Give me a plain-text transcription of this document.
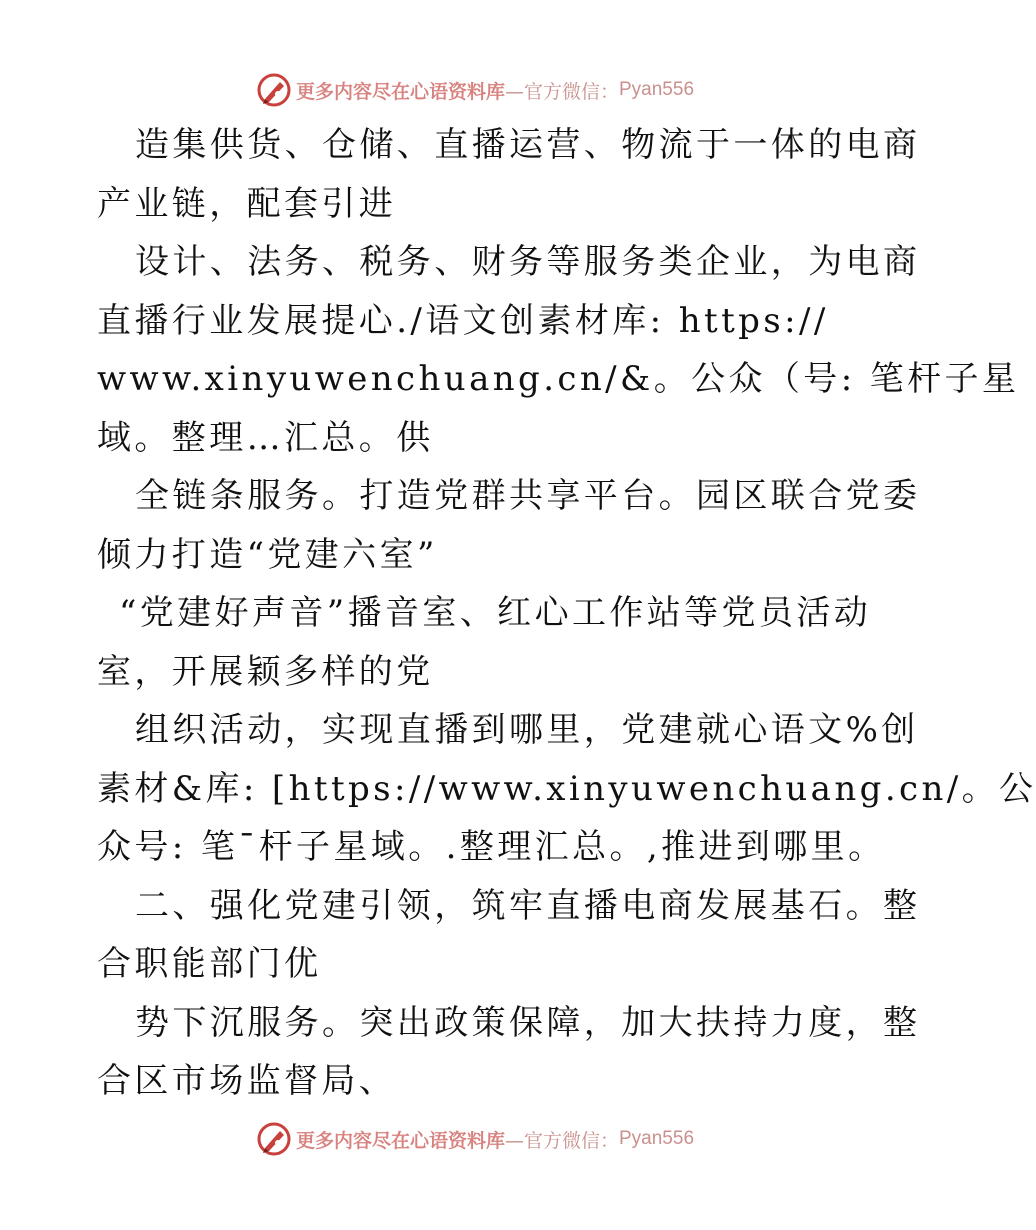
更多内容尽在心语资料库 —官方微信： Pyan556
造集供货、仓储、直播运营、物流于一体的电商
产业链，配套引进
设计、法务、税务、财务等服务类企业，为电商
直播行业发展提心./语文创素材库: https://
www.xinyuwenchuang.cn/&。公众（号: 笔杆子星
域。整理…汇总。供
全链条服务。打造党群共享平台。园区联合党委
倾力打造“党建六室”
“党建好声音”播音室、红心工作站等党员活动
室，开展颖多样的党
组织活动，实现直播到哪里，党建就心语文%创
素材&库: [https://www.xinyuwenchuang.cn/。公
众号: 笔¯杆子星域。.整理汇总。,推进到哪里。
二、强化党建引领，筑牢直播电商发展基石。整
合职能部门优
势下沉服务。突出政策保障，加大扶持力度，整
合区市场监督局、
更多内容尽在心语资料库 —官方微信： Pyan556
